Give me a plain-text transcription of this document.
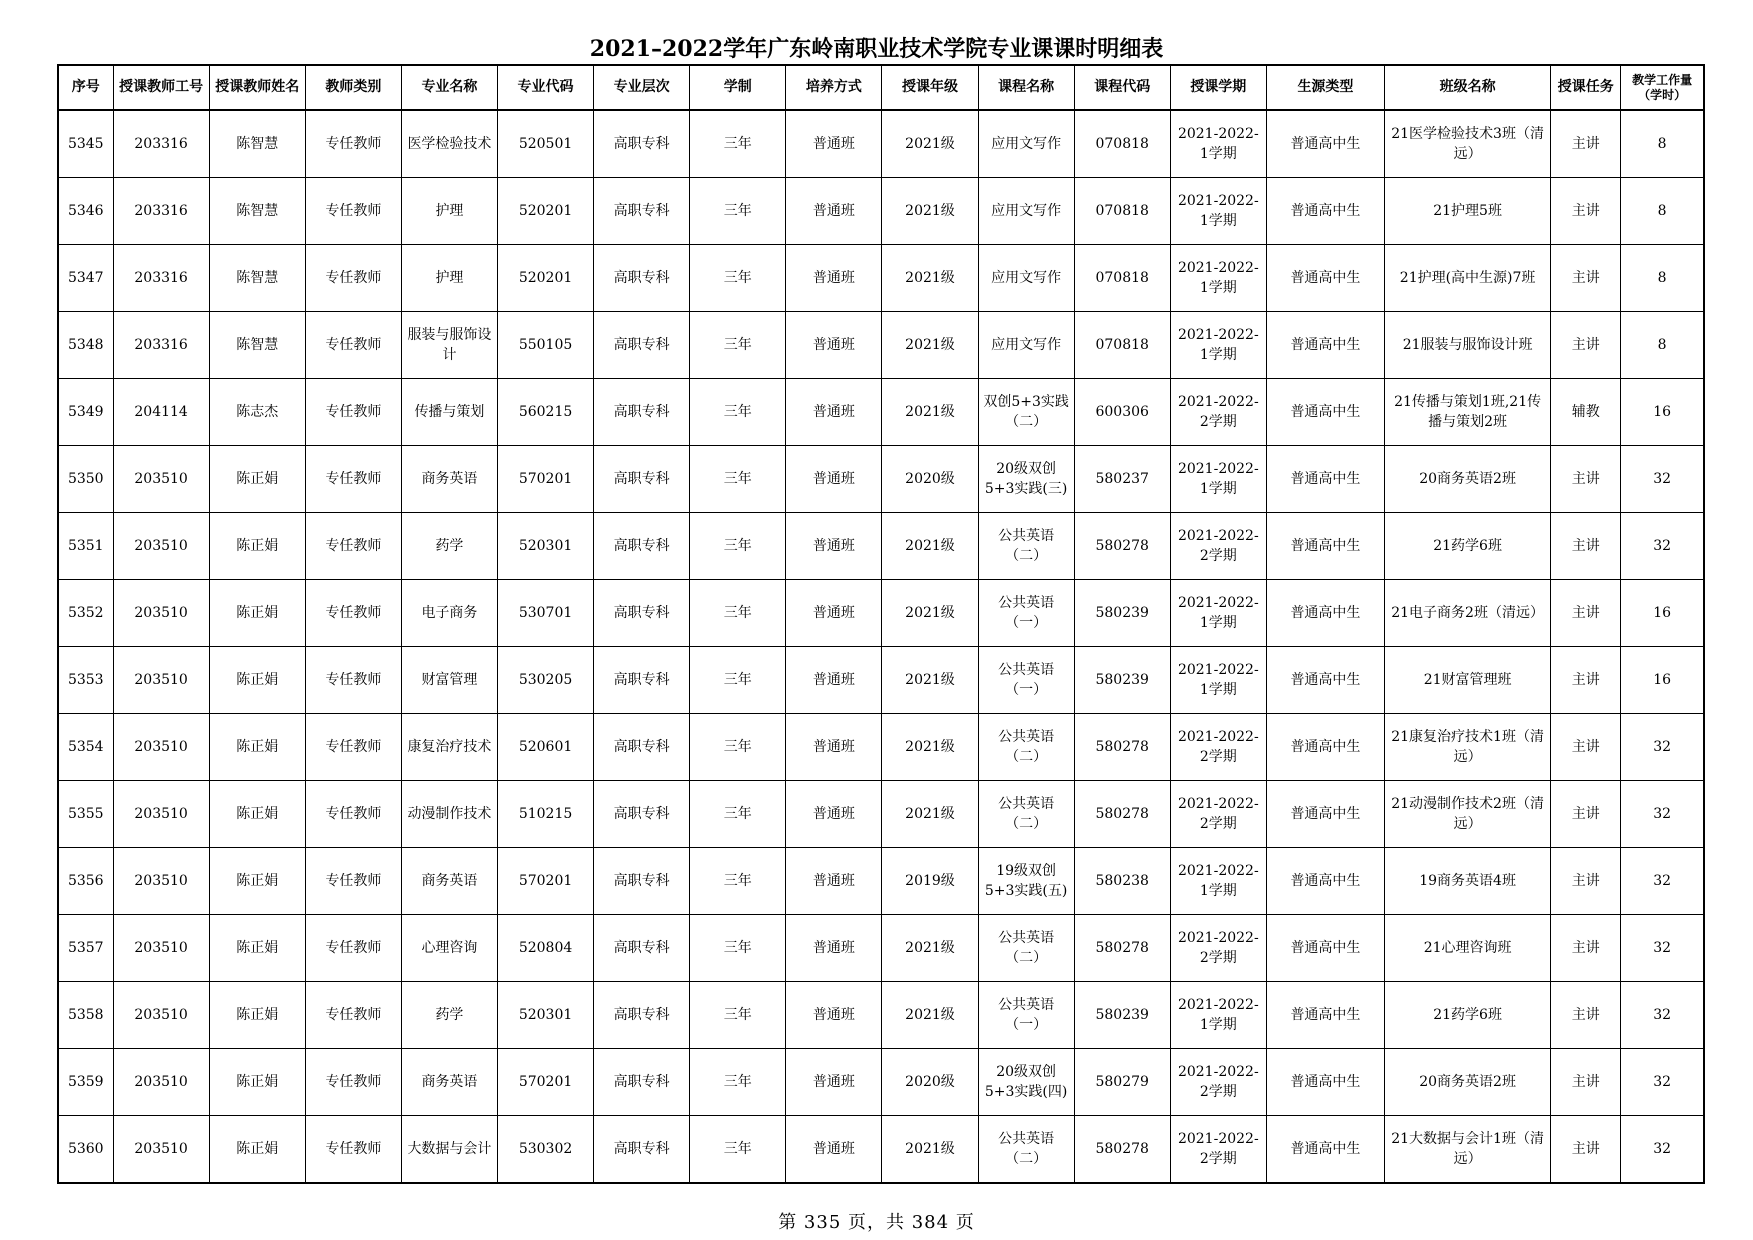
2021–2022学年广东岭南职业技术学院专业课课时明细表
序号	授课教师工号	授课教师姓名	教师类别	专业名称	专业代码	专业层次	学制	培养方式	授课年级	课程名称	课程代码	授课学期	生源类型	班级名称	授课任务	教学工作量（学时）
5345	203316	陈智慧	专任教师	医学检验技术	520501	高职专科	三年	普通班	2021级	应用文写作	070818	2021-2022-1学期	普通高中生	21医学检验技术3班（清远）	主讲	8
5346	203316	陈智慧	专任教师	护理	520201	高职专科	三年	普通班	2021级	应用文写作	070818	2021-2022-1学期	普通高中生	21护理5班	主讲	8
5347	203316	陈智慧	专任教师	护理	520201	高职专科	三年	普通班	2021级	应用文写作	070818	2021-2022-1学期	普通高中生	21护理(高中生源)7班	主讲	8
5348	203316	陈智慧	专任教师	服装与服饰设计	550105	高职专科	三年	普通班	2021级	应用文写作	070818	2021-2022-1学期	普通高中生	21服装与服饰设计班	主讲	8
5349	204114	陈志杰	专任教师	传播与策划	560215	高职专科	三年	普通班	2021级	双创5+3实践（二）	600306	2021-2022-2学期	普通高中生	21传播与策划1班,21传播与策划2班	辅教	16
5350	203510	陈正娟	专任教师	商务英语	570201	高职专科	三年	普通班	2020级	20级双创5+3实践(三)	580237	2021-2022-1学期	普通高中生	20商务英语2班	主讲	32
5351	203510	陈正娟	专任教师	药学	520301	高职专科	三年	普通班	2021级	公共英语（二）	580278	2021-2022-2学期	普通高中生	21药学6班	主讲	32
5352	203510	陈正娟	专任教师	电子商务	530701	高职专科	三年	普通班	2021级	公共英语（一）	580239	2021-2022-1学期	普通高中生	21电子商务2班（清远）	主讲	16
5353	203510	陈正娟	专任教师	财富管理	530205	高职专科	三年	普通班	2021级	公共英语（一）	580239	2021-2022-1学期	普通高中生	21财富管理班	主讲	16
5354	203510	陈正娟	专任教师	康复治疗技术	520601	高职专科	三年	普通班	2021级	公共英语（二）	580278	2021-2022-2学期	普通高中生	21康复治疗技术1班（清远）	主讲	32
5355	203510	陈正娟	专任教师	动漫制作技术	510215	高职专科	三年	普通班	2021级	公共英语（二）	580278	2021-2022-2学期	普通高中生	21动漫制作技术2班（清远）	主讲	32
5356	203510	陈正娟	专任教师	商务英语	570201	高职专科	三年	普通班	2019级	19级双创5+3实践(五)	580238	2021-2022-1学期	普通高中生	19商务英语4班	主讲	32
5357	203510	陈正娟	专任教师	心理咨询	520804	高职专科	三年	普通班	2021级	公共英语（二）	580278	2021-2022-2学期	普通高中生	21心理咨询班	主讲	32
5358	203510	陈正娟	专任教师	药学	520301	高职专科	三年	普通班	2021级	公共英语（一）	580239	2021-2022-1学期	普通高中生	21药学6班	主讲	32
5359	203510	陈正娟	专任教师	商务英语	570201	高职专科	三年	普通班	2020级	20级双创5+3实践(四)	580279	2021-2022-2学期	普通高中生	20商务英语2班	主讲	32
5360	203510	陈正娟	专任教师	大数据与会计	530302	高职专科	三年	普通班	2021级	公共英语（二）	580278	2021-2022-2学期	普通高中生	21大数据与会计1班（清远）	主讲	32
第 335 页，共 384 页
